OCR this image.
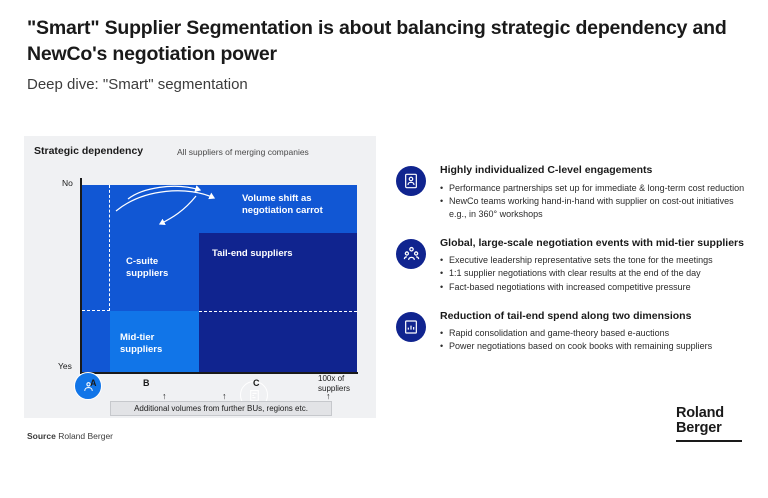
"Smart" Supplier Segmentation is about balancing strategic dependency and NewCo's negotiation power
Deep dive: "Smart" segmentation
Strategic dependency	All suppliers of merging companies
No
Yes
Volume shift as negotiation carrot
C-suite suppliers
Tail-end suppliers
Mid-tier suppliers
A	B	C	100x of suppliers
↑	↑	↑
Additional volumes from further BUs, regions etc.
Highly individualized C-level engagements
• Performance partnerships set up for immediate & long-term cost reduction
• NewCo teams working hand-in-hand with supplier on cost-out initiatives e.g., in 360° workshops
Global, large-scale negotiation events with mid-tier suppliers
• Executive leadership representative sets the tone for the meetings
• 1:1 supplier negotiations with clear results at the end of the day
• Fact-based negotiations with increased competitive pressure
Reduction of tail-end spend along two dimensions
• Rapid consolidation and game-theory based e-auctions
• Power negotiations based on cook books with remaining suppliers
Source Roland Berger
Roland
Berger
